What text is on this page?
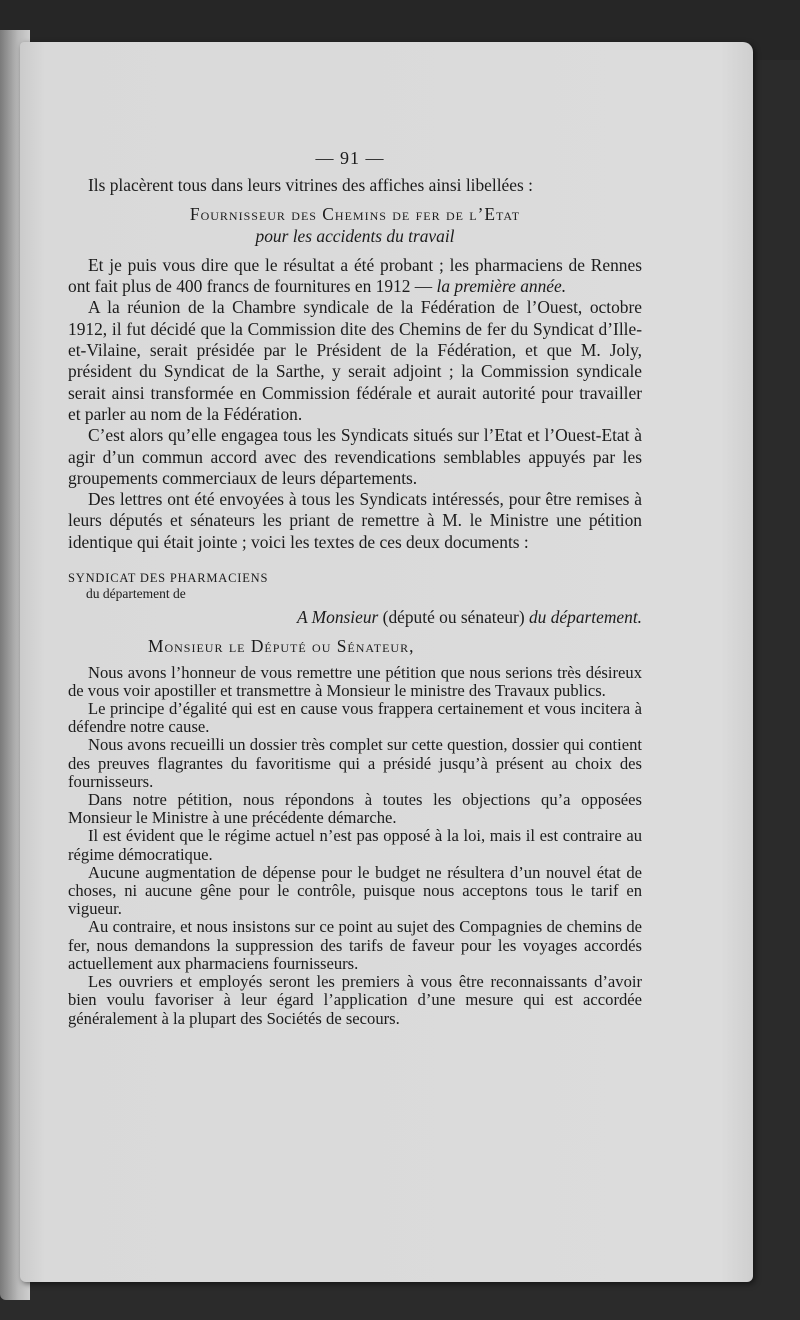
— 91 —

Ils placèrent tous dans leurs vitrines des affiches ainsi libellées :

Fournisseur des Chemins de fer de l’Etat

pour les accidents du travail

Et je puis vous dire que le résultat a été probant ; les pharmaciens de Rennes ont fait plus de 400 francs de fournitures en 1912 — la première année.

A la réunion de la Chambre syndicale de la Fédération de l’Ouest, octobre 1912, il fut décidé que la Commission dite des Chemins de fer du Syndicat d’Ille-et-Vilaine, serait présidée par le Président de la Fédération, et que M. Joly, président du Syndicat de la Sarthe, y serait adjoint ; la Commission syndicale serait ainsi transformée en Commission fédérale et aurait autorité pour travailler et parler au nom de la Fédération.

C’est alors qu’elle engagea tous les Syndicats situés sur l’Etat et l’Ouest-Etat à agir d’un commun accord avec des revendications semblables appuyés par les groupements commerciaux de leurs départements.

Des lettres ont été envoyées à tous les Syndicats intéressés, pour être remises à leurs députés et sénateurs les priant de remettre à M. le Ministre une pétition identique qui était jointe ; voici les textes de ces deux documents :

SYNDICAT DES PHARMACIENS
du département de
A Monsieur (député ou sénateur) du département.
Monsieur le Député ou Sénateur,

Nous avons l’honneur de vous remettre une pétition que nous serions très désireux de vous voir apostiller et transmettre à Monsieur le ministre des Travaux publics.

Le principe d’égalité qui est en cause vous frappera certainement et vous incitera à défendre notre cause.

Nous avons recueilli un dossier très complet sur cette question, dossier qui contient des preuves flagrantes du favoritisme qui a présidé jusqu’à présent au choix des fournisseurs.

Dans notre pétition, nous répondons à toutes les objections qu’a opposées Monsieur le Ministre à une précédente démarche.

Il est évident que le régime actuel n’est pas opposé à la loi, mais il est contraire au régime démocratique.

Aucune augmentation de dépense pour le budget ne résultera d’un nouvel état de choses, ni aucune gêne pour le contrôle, puisque nous acceptons tous le tarif en vigueur.

Au contraire, et nous insistons sur ce point au sujet des Compagnies de chemins de fer, nous demandons la suppression des tarifs de faveur pour les voyages accordés actuellement aux pharmaciens fournisseurs.

Les ouvriers et employés seront les premiers à vous être reconnaissants d’avoir bien voulu favoriser à leur égard l’application d’une mesure qui est accordée généralement à la plupart des Sociétés de secours.
